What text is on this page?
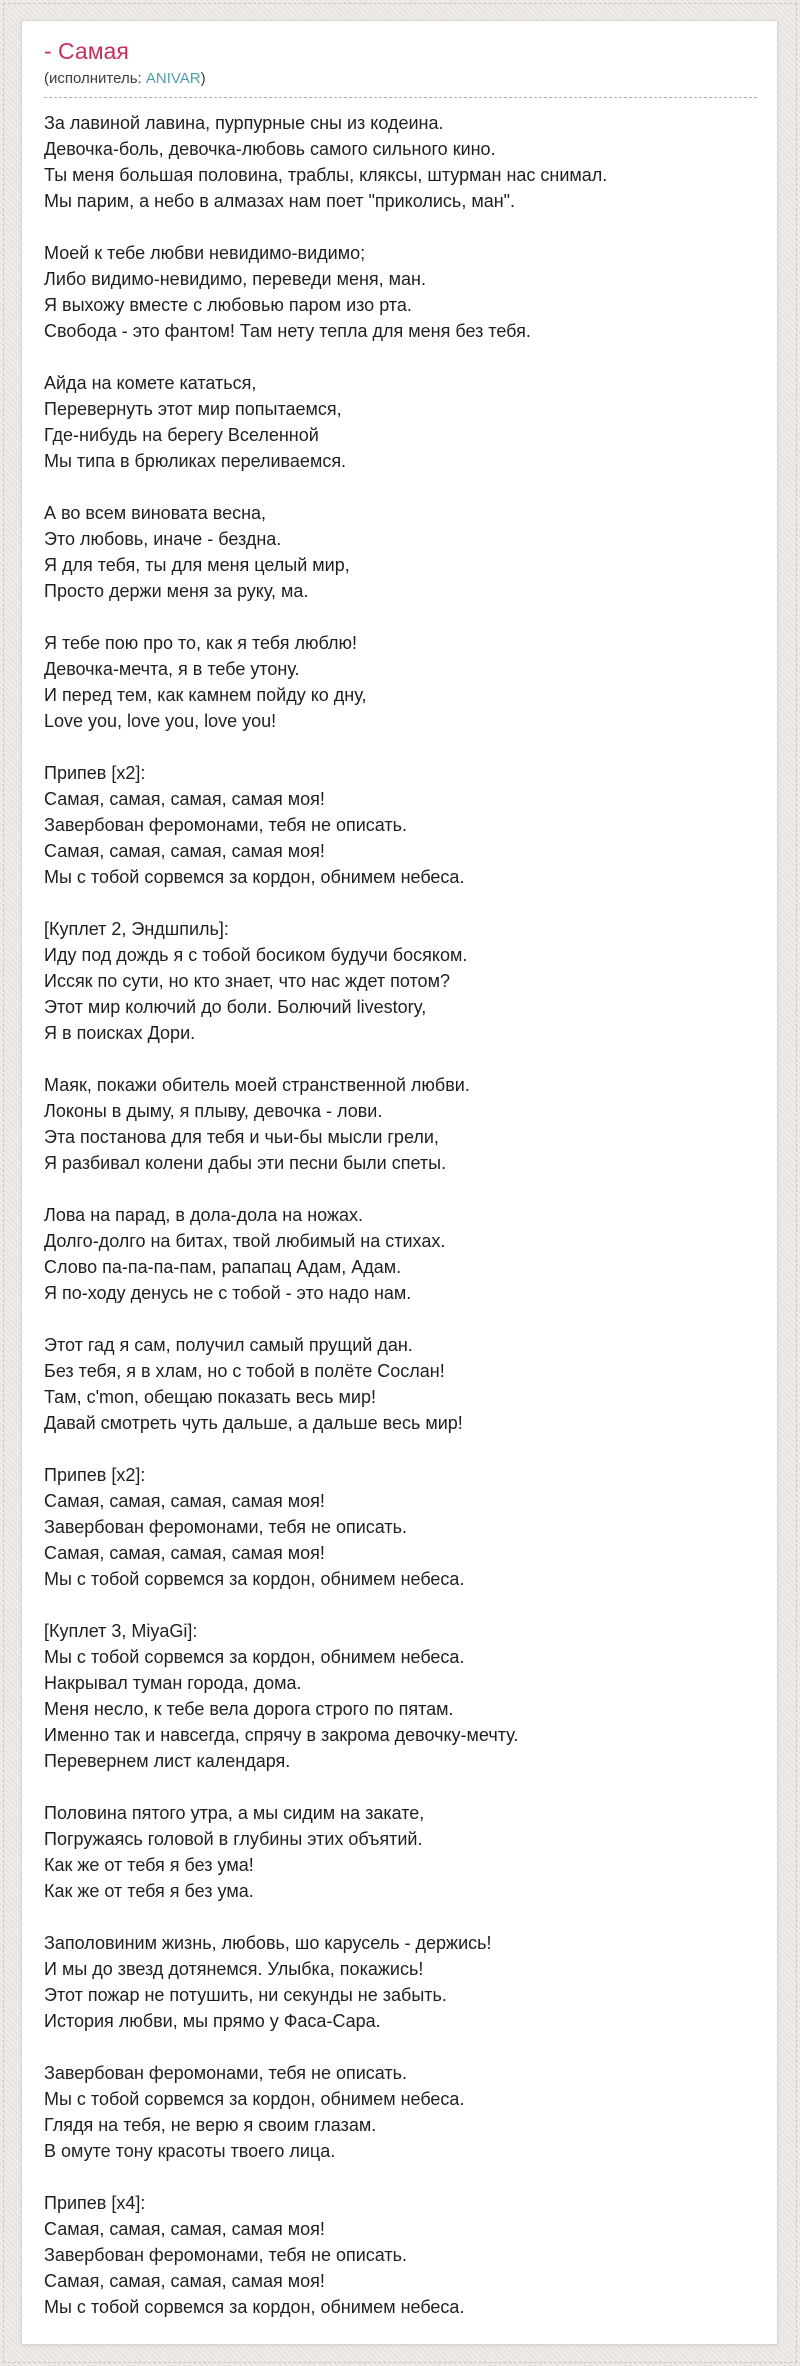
- Самая

(исполнитель: ANIVAR)

За лавиной лавина, пурпурные сны из кодеина.
Девочка-боль, девочка-любовь самого сильного кино.
Ты меня большая половина, траблы, кляксы, штурман нас снимал.
Мы парим, а небо в алмазах нам поет "приколись, ман".

Моей к тебе любви невидимо-видимо;
Либо видимо-невидимо, переведи меня, ман.
Я выхожу вместе с любовью паром изо рта.
Свобода - это фантом! Там нету тепла для меня без тебя.

Айда на комете кататься,
Перевернуть этот мир попытаемся,
Где-нибудь на берегу Вселенной
Мы типа в брюликах переливаемся.

А во всем виновата весна,
Это любовь, иначе - бездна.
Я для тебя, ты для меня целый мир,
Просто держи меня за руку, ма.

Я тебе пою про то, как я тебя люблю!
Девочка-мечта, я в тебе утону.
И перед тем, как камнем пойду ко дну,
Love you, love you, love you!

Припев [x2]:
Самая, самая, самая, самая моя!
Завербован феромонами, тебя не описать.
Самая, самая, самая, самая моя!
Мы с тобой сорвемся за кордон, обнимем небеса.

[Куплет 2, Эндшпиль]:
Иду под дождь я с тобой босиком будучи босяком.
Иссяк по сути, но кто знает, что нас ждет потом?
Этот мир колючий до боли. Болючий livestory,
Я в поисках Дори.

Маяк, покажи обитель моей странственной любви.
Локоны в дыму, я плыву, девочка - лови.
Эта постанова для тебя и чьи-бы мысли грели,
Я разбивал колени дабы эти песни были спеты.

Лова на парад, в дола-дола на ножах.
Долго-долго на битах, твой любимый на стихах.
Слово па-па-па-пам, рапапац Адам, Адам.
Я по-ходу денусь не с тобой - это надо нам.

Этот гад я сам, получил самый прущий дан.
Без тебя, я в хлам, но с тобой в полёте Сослан!
Там, c'mon, обещаю показать весь мир!
Давай смотреть чуть дальше, а дальше весь мир!

Припев [x2]:
Самая, самая, самая, самая моя!
Завербован феромонами, тебя не описать.
Самая, самая, самая, самая моя!
Мы с тобой сорвемся за кордон, обнимем небеса.

[Куплет 3, MiyaGi]:
Мы с тобой сорвемся за кордон, обнимем небеса.
Накрывал туман города, дома.
Меня несло, к тебе вела дорога строго по пятам.
Именно так и навсегда, спрячу в закрома девочку-мечту.
Перевернем лист календаря.

Половина пятого утра, а мы сидим на закате,
Погружаясь головой в глубины этих объятий.
Как же от тебя я без ума!
Как же от тебя я без ума.

Заполовиним жизнь, любовь, шо карусель - держись!
И мы до звезд дотянемся. Улыбка, покажись!
Этот пожар не потушить, ни секунды не забыть.
История любви, мы прямо у Фаса-Сара.

Завербован феромонами, тебя не описать.
Мы с тобой сорвемся за кордон, обнимем небеса.
Глядя на тебя, не верю я своим глазам.
В омуте тону красоты твоего лица.

Припев [x4]:
Самая, самая, самая, самая моя!
Завербован феромонами, тебя не описать.
Самая, самая, самая, самая моя!
Мы с тобой сорвемся за кордон, обнимем небеса.
